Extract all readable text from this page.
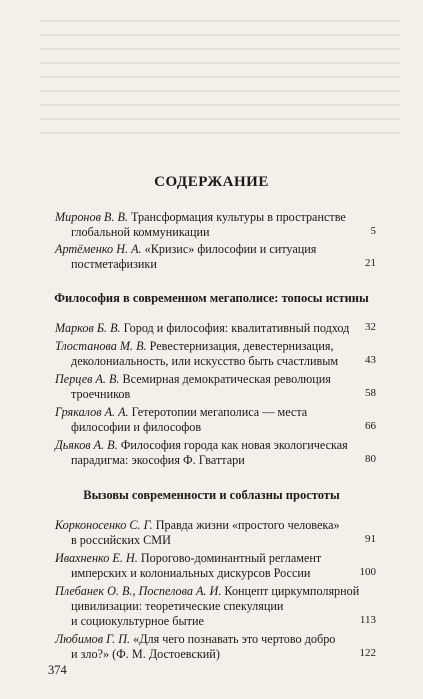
СОДЕРЖАНИЕ
Миронов В. В. Трансформация культуры в пространстве
глобальной коммуникации	5
Артёменко Н. А. «Кризис» философии и ситуация
постметафизики	21
Философия в современном мегаполисе: топосы истины
Марков Б. В. Город и философия: квалитативный подход	32
Тлостанова М. В. Ревестернизация, девестернизация,
деколониальность, или искусство быть счастливым	43
Перцев А. В. Всемирная демократическая революция
троечников	58
Грякалов А. А. Гетеротопии мегаполиса — места
философии и философов	66
Дьяков А. В. Философия города как новая экологическая
парадигма: экософия Ф. Гваттари	80
Вызовы современности и соблазны простоты
Корконосенко С. Г. Правда жизни «простого человека»
в российских СМИ	91
Ивахненко Е. Н. Порогово-доминантный регламент
имперских и колониальных дискурсов России	100
Плебанек О. В., Поспелова А. И. Концепт циркумполярной
цивилизации: теоретические спекуляции
и социокультурное бытие	113
Любимов Г. П. «Для чего познавать это чертово добро
и зло?» (Ф. М. Достоевский)	122
374
